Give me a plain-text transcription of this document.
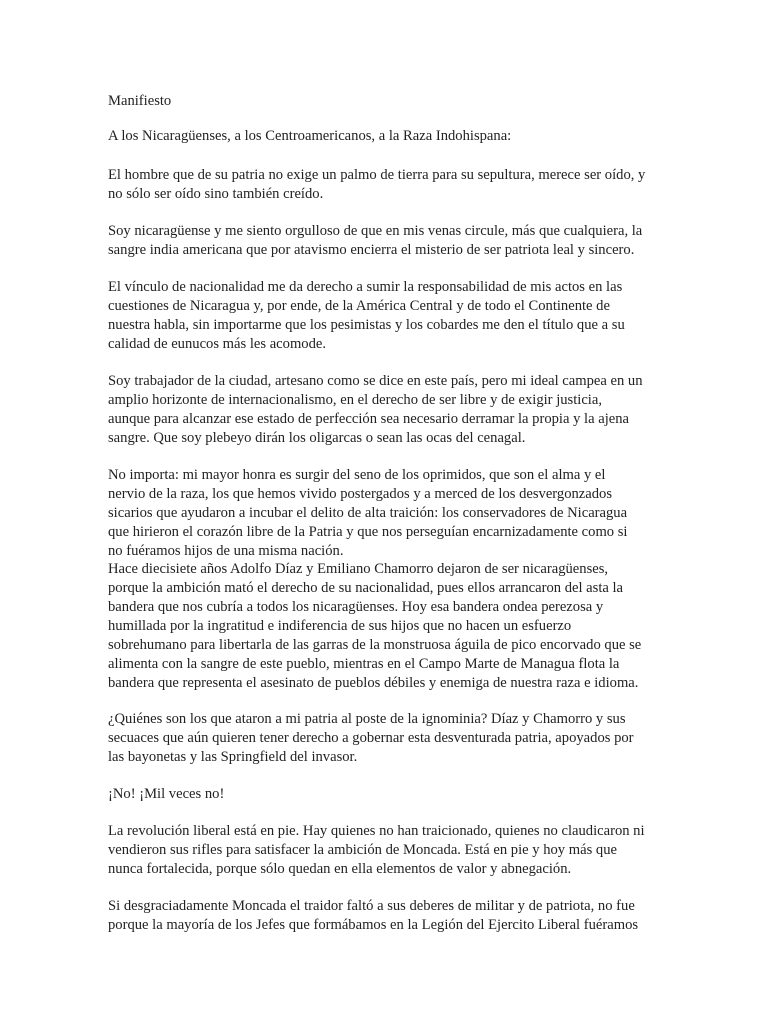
Manifiesto

A los Nicaragüenses, a los Centroamericanos, a la Raza Indohispana:

El hombre que de su patria no exige un palmo de tierra para su sepultura, merece ser oído, y

no sólo ser oído sino también creído.

Soy nicaragüense y me siento orgulloso de que en mis venas circule, más que cualquiera, la

sangre india americana que por atavismo encierra el misterio de ser patriota leal y sincero.

El vínculo de nacionalidad me da derecho a sumir la responsabilidad de mis actos en las

cuestiones de Nicaragua y, por ende, de la América Central y de todo el Continente de

nuestra habla, sin importarme que los pesimistas y los cobardes me den el título que a su

calidad de eunucos más les acomode.

Soy trabajador de la ciudad, artesano como se dice en este país, pero mi ideal campea en un

amplio horizonte de internacionalismo, en el derecho de ser libre y de exigir justicia,

aunque para alcanzar ese estado de perfección sea necesario derramar la propia y la ajena

sangre. Que soy plebeyo dirán los oligarcas o sean las ocas del cenagal.

No importa: mi mayor honra es surgir del seno de los oprimidos, que son el alma y el

nervio de la raza, los que hemos vivido postergados y a merced de los desvergonzados

sicarios que ayudaron a incubar el delito de alta traición: los conservadores de Nicaragua

que hirieron el corazón libre de la Patria y que nos perseguían encarnizadamente como si

no fuéramos hijos de una misma nación.

Hace diecisiete años Adolfo Díaz y Emiliano Chamorro dejaron de ser nicaragüenses,

porque la ambición mató el derecho de su nacionalidad, pues ellos arrancaron del asta la

bandera que nos cubría a todos los nicaragüenses. Hoy esa bandera ondea perezosa y

humillada por la ingratitud e indiferencia de sus hijos que no hacen un esfuerzo

sobrehumano para libertarla de las garras de la monstruosa águila de pico encorvado que se

alimenta con la sangre de este pueblo, mientras en el Campo Marte de Managua flota la

bandera que representa el asesinato de pueblos débiles y enemiga de nuestra raza e idioma.

¿Quiénes son los que ataron a mi patria al poste de la ignominia? Díaz y Chamorro y sus

secuaces que aún quieren tener derecho a gobernar esta desventurada patria, apoyados por

las bayonetas y las Springfield del invasor.

¡No! ¡Mil veces no!

La revolución liberal está en pie. Hay quienes no han traicionado, quienes no claudicaron ni

vendieron sus rifles para satisfacer la ambición de Moncada. Está en pie y hoy más que

nunca fortalecida, porque sólo quedan en ella elementos de valor y abnegación.

Si desgraciadamente Moncada el traidor faltó a sus deberes de militar y de patriota, no fue

porque la mayoría de los Jefes que formábamos en la Legión del Ejercito Liberal fuéramos
